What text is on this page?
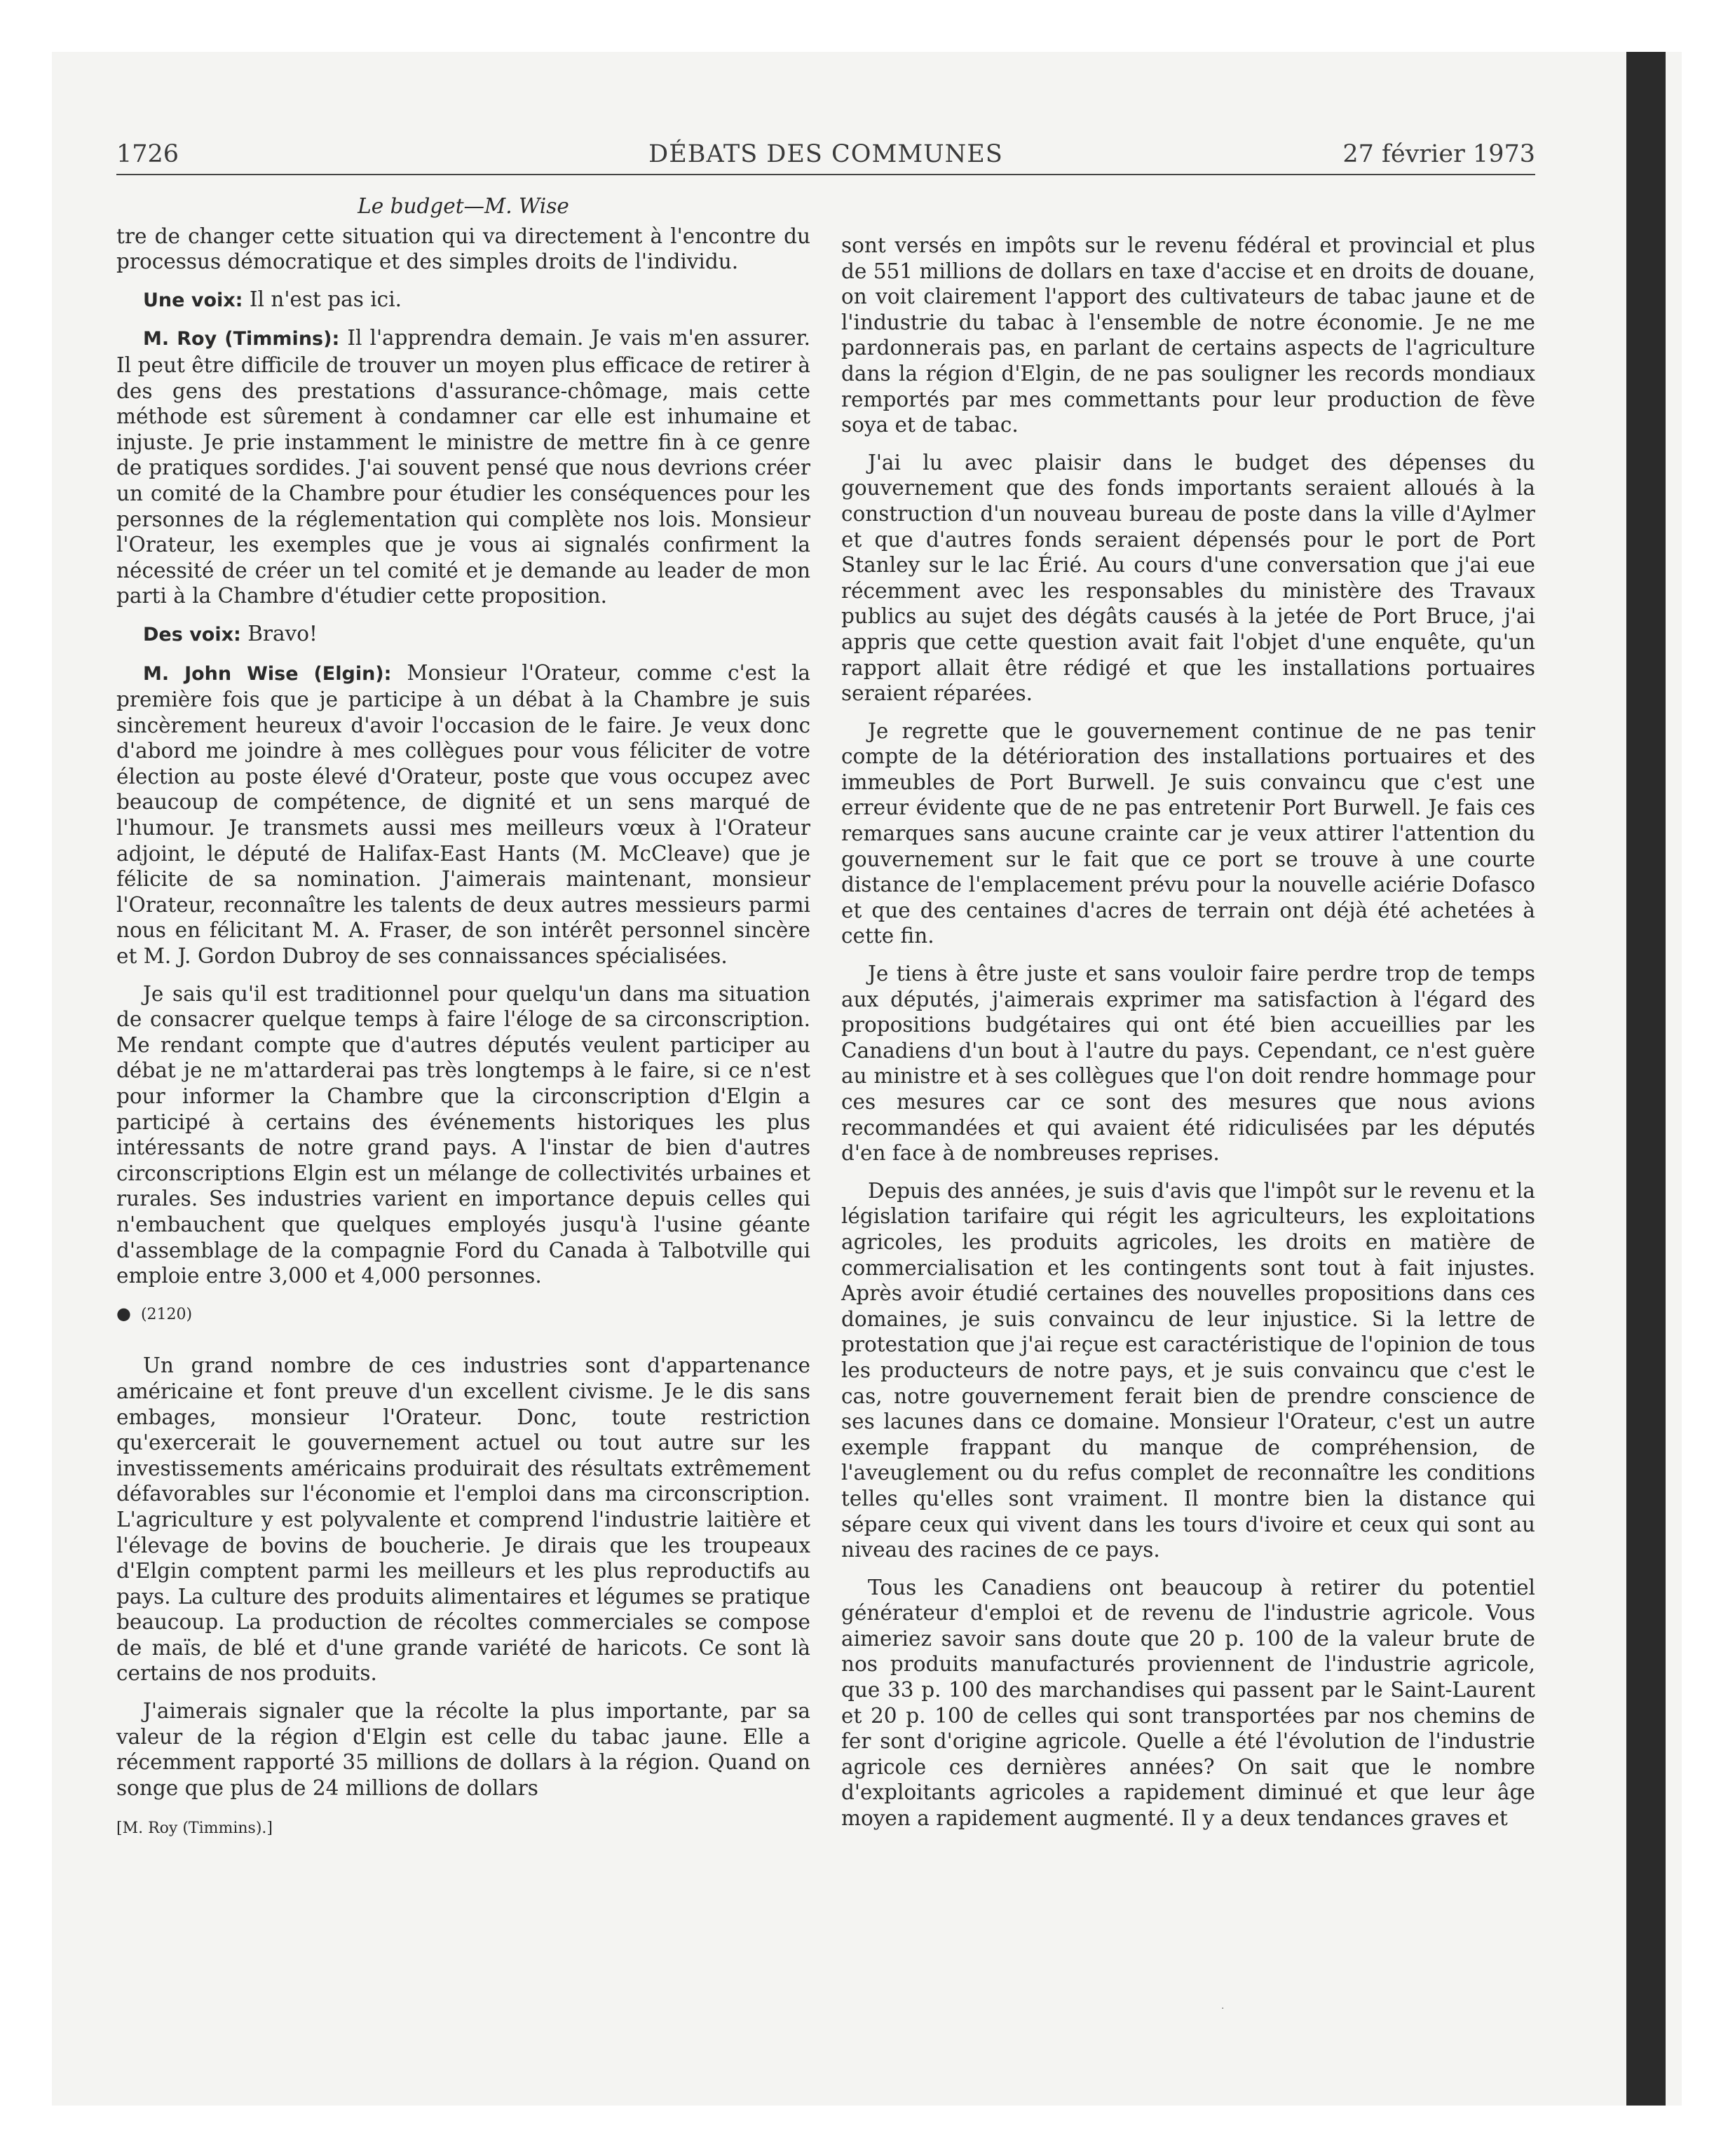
1726	DÉBATS DES COMMUNES	27 février 1973

Le budget—M. Wise

tre de changer cette situation qui va directement à l'encontre du processus démocratique et des simples droits de l'individu.

Une voix: Il n'est pas ici.

M. Roy (Timmins): Il l'apprendra demain. Je vais m'en assurer. Il peut être difficile de trouver un moyen plus efficace de retirer à des gens des prestations d'assurance-chômage, mais cette méthode est sûrement à condamner car elle est inhumaine et injuste. Je prie instamment le ministre de mettre fin à ce genre de pratiques sordides. J'ai souvent pensé que nous devrions créer un comité de la Chambre pour étudier les conséquences pour les personnes de la réglementation qui complète nos lois. Monsieur l'Orateur, les exemples que je vous ai signalés confirment la nécessité de créer un tel comité et je demande au leader de mon parti à la Chambre d'étudier cette proposition.

Des voix: Bravo!

M. John Wise (Elgin): Monsieur l'Orateur, comme c'est la première fois que je participe à un débat à la Chambre je suis sincèrement heureux d'avoir l'occasion de le faire. Je veux donc d'abord me joindre à mes collègues pour vous féliciter de votre élection au poste élevé d'Orateur, poste que vous occupez avec beaucoup de compétence, de dignité et un sens marqué de l'humour. Je transmets aussi mes meilleurs vœux à l'Orateur adjoint, le député de Halifax-East Hants (M. McCleave) que je félicite de sa nomination. J'aimerais maintenant, monsieur l'Orateur, reconnaître les talents de deux autres messieurs parmi nous en félicitant M. A. Fraser, de son intérêt personnel sincère et M. J. Gordon Dubroy de ses connaissances spécialisées.

Je sais qu'il est traditionnel pour quelqu'un dans ma situation de consacrer quelque temps à faire l'éloge de sa circonscription. Me rendant compte que d'autres députés veulent participer au débat je ne m'attarderai pas très longtemps à le faire, si ce n'est pour informer la Chambre que la circonscription d'Elgin a participé à certains des événements historiques les plus intéressants de notre grand pays. A l'instar de bien d'autres circonscriptions Elgin est un mélange de collectivités urbaines et rurales. Ses industries varient en importance depuis celles qui n'embauchent que quelques employés jusqu'à l'usine géante d'assemblage de la compagnie Ford du Canada à Talbotville qui emploie entre 3,000 et 4,000 personnes.

● (2120)

Un grand nombre de ces industries sont d'appartenance américaine et font preuve d'un excellent civisme. Je le dis sans embages, monsieur l'Orateur. Donc, toute restriction qu'exercerait le gouvernement actuel ou tout autre sur les investissements américains produirait des résultats extrêmement défavorables sur l'économie et l'emploi dans ma circonscription. L'agriculture y est polyvalente et comprend l'industrie laitière et l'élevage de bovins de boucherie. Je dirais que les troupeaux d'Elgin comptent parmi les meilleurs et les plus reproductifs au pays. La culture des produits alimentaires et légumes se pratique beaucoup. La production de récoltes commerciales se compose de maïs, de blé et d'une grande variété de haricots. Ce sont là certains de nos produits.

J'aimerais signaler que la récolte la plus importante, par sa valeur de la région d'Elgin est celle du tabac jaune. Elle a récemment rapporté 35 millions de dollars à la région. Quand on songe que plus de 24 millions de dollars

[M. Roy (Timmins).]

sont versés en impôts sur le revenu fédéral et provincial et plus de 551 millions de dollars en taxe d'accise et en droits de douane, on voit clairement l'apport des cultivateurs de tabac jaune et de l'industrie du tabac à l'ensemble de notre économie. Je ne me pardonnerais pas, en parlant de certains aspects de l'agriculture dans la région d'Elgin, de ne pas souligner les records mondiaux remportés par mes commettants pour leur production de fève soya et de tabac.

J'ai lu avec plaisir dans le budget des dépenses du gouvernement que des fonds importants seraient alloués à la construction d'un nouveau bureau de poste dans la ville d'Aylmer et que d'autres fonds seraient dépensés pour le port de Port Stanley sur le lac Érié. Au cours d'une conversation que j'ai eue récemment avec les responsables du ministère des Travaux publics au sujet des dégâts causés à la jetée de Port Bruce, j'ai appris que cette question avait fait l'objet d'une enquête, qu'un rapport allait être rédigé et que les installations portuaires seraient réparées.

Je regrette que le gouvernement continue de ne pas tenir compte de la détérioration des installations portuaires et des immeubles de Port Burwell. Je suis convaincu que c'est une erreur évidente que de ne pas entretenir Port Burwell. Je fais ces remarques sans aucune crainte car je veux attirer l'attention du gouvernement sur le fait que ce port se trouve à une courte distance de l'emplacement prévu pour la nouvelle aciérie Dofasco et que des centaines d'acres de terrain ont déjà été achetées à cette fin.

Je tiens à être juste et sans vouloir faire perdre trop de temps aux députés, j'aimerais exprimer ma satisfaction à l'égard des propositions budgétaires qui ont été bien accueillies par les Canadiens d'un bout à l'autre du pays. Cependant, ce n'est guère au ministre et à ses collègues que l'on doit rendre hommage pour ces mesures car ce sont des mesures que nous avions recommandées et qui avaient été ridiculisées par les députés d'en face à de nombreuses reprises.

Depuis des années, je suis d'avis que l'impôt sur le revenu et la législation tarifaire qui régit les agriculteurs, les exploitations agricoles, les produits agricoles, les droits en matière de commercialisation et les contingents sont tout à fait injustes. Après avoir étudié certaines des nouvelles propositions dans ces domaines, je suis convaincu de leur injustice. Si la lettre de protestation que j'ai reçue est caractéristique de l'opinion de tous les producteurs de notre pays, et je suis convaincu que c'est le cas, notre gouvernement ferait bien de prendre conscience de ses lacunes dans ce domaine. Monsieur l'Orateur, c'est un autre exemple frappant du manque de compréhension, de l'aveuglement ou du refus complet de reconnaître les conditions telles qu'elles sont vraiment. Il montre bien la distance qui sépare ceux qui vivent dans les tours d'ivoire et ceux qui sont au niveau des racines de ce pays.

Tous les Canadiens ont beaucoup à retirer du potentiel générateur d'emploi et de revenu de l'industrie agricole. Vous aimeriez savoir sans doute que 20 p. 100 de la valeur brute de nos produits manufacturés proviennent de l'industrie agricole, que 33 p. 100 des marchandises qui passent par le Saint-Laurent et 20 p. 100 de celles qui sont transportées par nos chemins de fer sont d'origine agricole. Quelle a été l'évolution de l'industrie agricole ces dernières années? On sait que le nombre d'exploitants agricoles a rapidement diminué et que leur âge moyen a rapidement augmenté. Il y a deux tendances graves et

·
